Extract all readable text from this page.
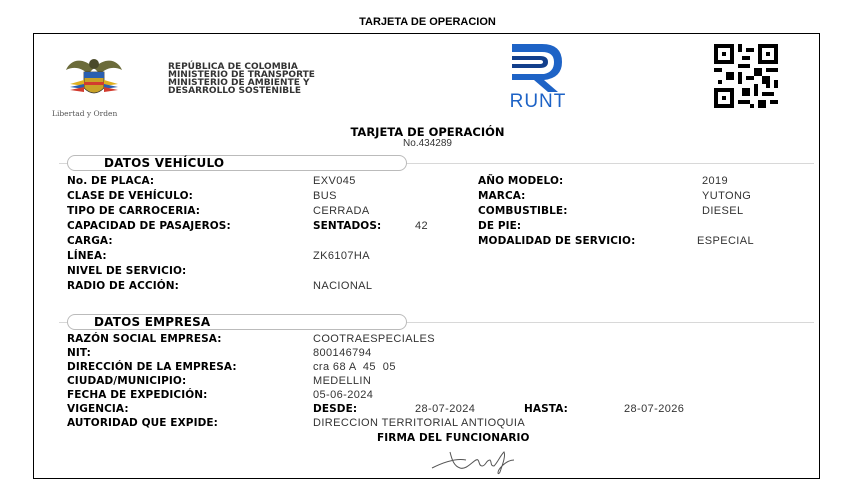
TARJETA DE OPERACION
Libertad y Orden
REPÚBLICA DE COLOMBIA
MINISTERIO DE TRANSPORTE
MINISTERIO DE AMBIENTE Y
DESARROLLO SOSTENIBLE	RUNT
TARJETA DE OPERACIÓN
No.434289
DATOS VEHÍCULO
No. DE PLACA:	EXV045	AÑO MODELO:	2019
CLASE DE VEHÍCULO:	BUS	MARCA:	YUTONG
TIPO DE CARROCERIA:	CERRADA	COMBUSTIBLE:	DIESEL
CAPACIDAD DE PASAJEROS:	SENTADOS:	42	DE PIE:
CARGA:	MODALIDAD DE SERVICIO:	ESPECIAL
LÍNEA:	ZK6107HA
NIVEL DE SERVICIO:
RADIO DE ACCIÓN:	NACIONAL
DATOS EMPRESA
RAZÓN SOCIAL EMPRESA:	COOTRAESPECIALES
NIT:	800146794
DIRECCIÓN DE LA EMPRESA:	cra 68 A  45  05
CIUDAD/MUNICIPIO:	MEDELLIN
FECHA DE EXPEDICIÓN:	05-06-2024
VIGENCIA:	DESDE:	28-07-2024	HASTA:	28-07-2026
AUTORIDAD QUE EXPIDE:	DIRECCION TERRITORIAL ANTIOQUIA
FIRMA DEL FUNCIONARIO
